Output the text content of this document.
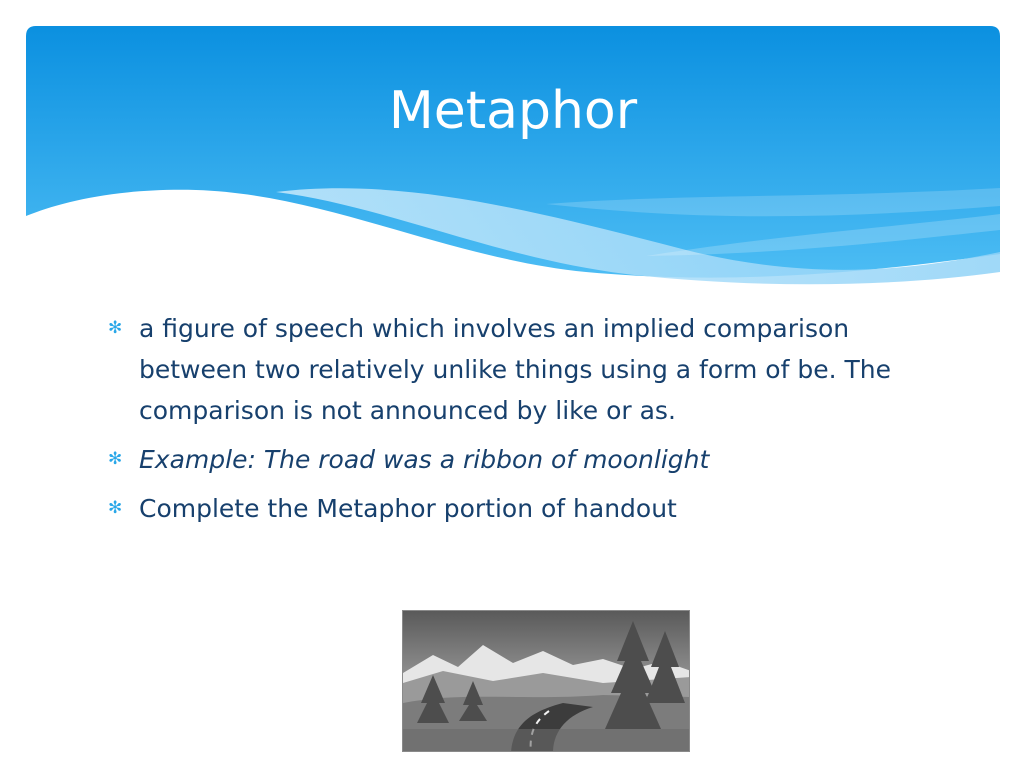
Metaphor
✻ a figure of speech which involves an implied comparison between two relatively unlike things using a form of be. The comparison is not announced by like or as.
✻ Example: The road was a ribbon of moonlight
✻ Complete the Metaphor portion of handout
